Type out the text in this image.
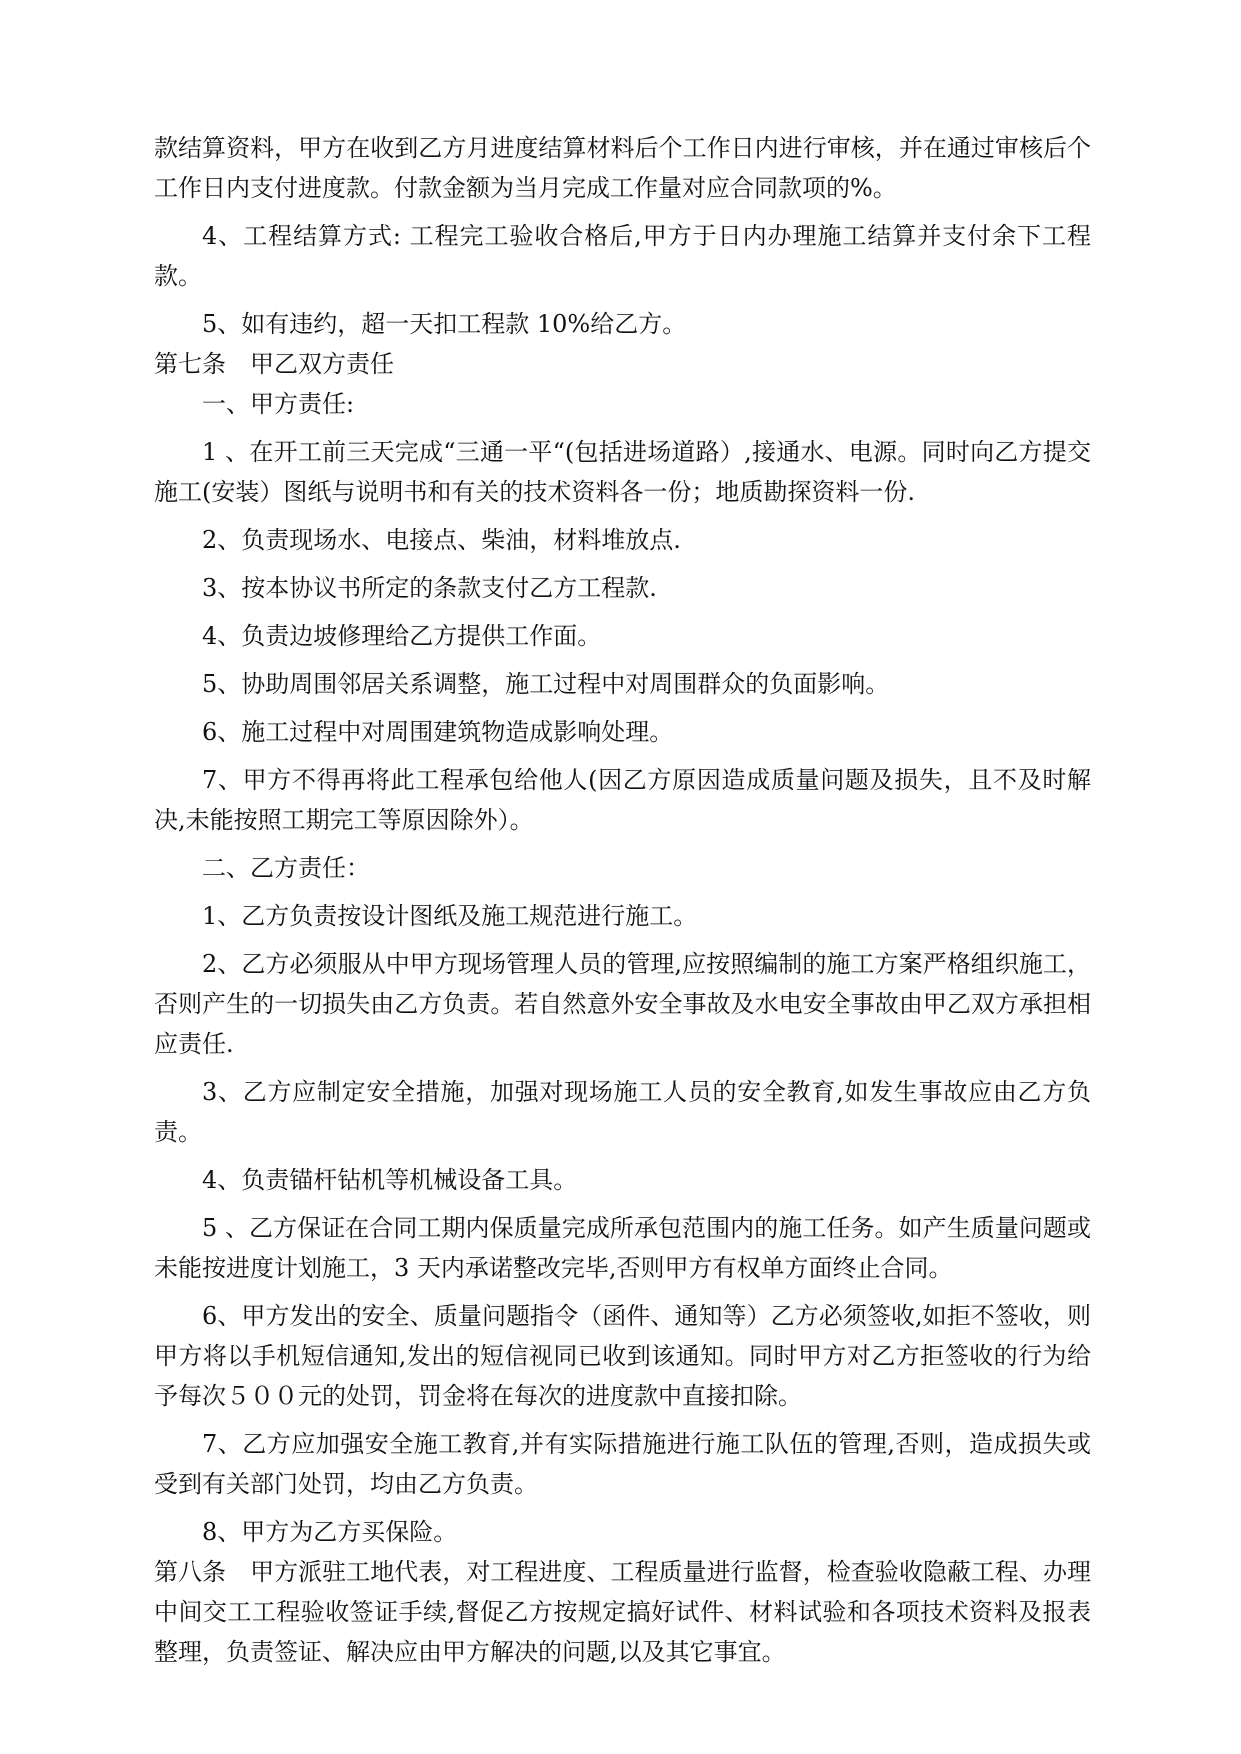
款结算资料，甲方在收到乙方月进度结算材料后个工作日内进行审核，并在通过审核后个工作日内支付进度款。付款金额为当月完成工作量对应合同款项的%。

4、工程结算方式: 工程完工验收合格后,甲方于日内办理施工结算并支付余下工程款。

5、如有违约，超一天扣工程款 10%给乙方。

第七条　甲乙双方责任

一、甲方责任:

1 、在开工前三天完成“三通一平“(包括进场道路）,接通水、电源。同时向乙方提交施工(安装）图纸与说明书和有关的技术资料各一份；地质勘探资料一份.

2、负责现场水、电接点、柴油，材料堆放点.

3、按本协议书所定的条款支付乙方工程款.

4、负责边坡修理给乙方提供工作面。

5、协助周围邻居关系调整，施工过程中对周围群众的负面影响。

6、施工过程中对周围建筑物造成影响处理。

7、甲方不得再将此工程承包给他人(因乙方原因造成质量问题及损失，且不及时解决,未能按照工期完工等原因除外）。

二、乙方责任：

1、乙方负责按设计图纸及施工规范进行施工。

2、乙方必须服从中甲方现场管理人员的管理,应按照编制的施工方案严格组织施工，否则产生的一切损失由乙方负责。若自然意外安全事故及水电安全事故由甲乙双方承担相应责任.

3、乙方应制定安全措施，加强对现场施工人员的安全教育,如发生事故应由乙方负责。

4、负责锚杆钻机等机械设备工具。

5 、乙方保证在合同工期内保质量完成所承包范围内的施工任务。如产生质量问题或未能按进度计划施工，3 天内承诺整改完毕,否则甲方有权单方面终止合同。

6、甲方发出的安全、质量问题指令（函件、通知等）乙方必须签收,如拒不签收，则甲方将以手机短信通知,发出的短信视同已收到该通知。同时甲方对乙方拒签收的行为给予每次５００元的处罚，罚金将在每次的进度款中直接扣除。

7、乙方应加强安全施工教育,并有实际措施进行施工队伍的管理,否则，造成损失或受到有关部门处罚，均由乙方负责。

8、甲方为乙方买保险。

第八条　甲方派驻工地代表，对工程进度、工程质量进行监督，检查验收隐蔽工程、办理中间交工工程验收签证手续,督促乙方按规定搞好试件、材料试验和各项技术资料及报表整理，负责签证、解决应由甲方解决的问题,以及其它事宜。
